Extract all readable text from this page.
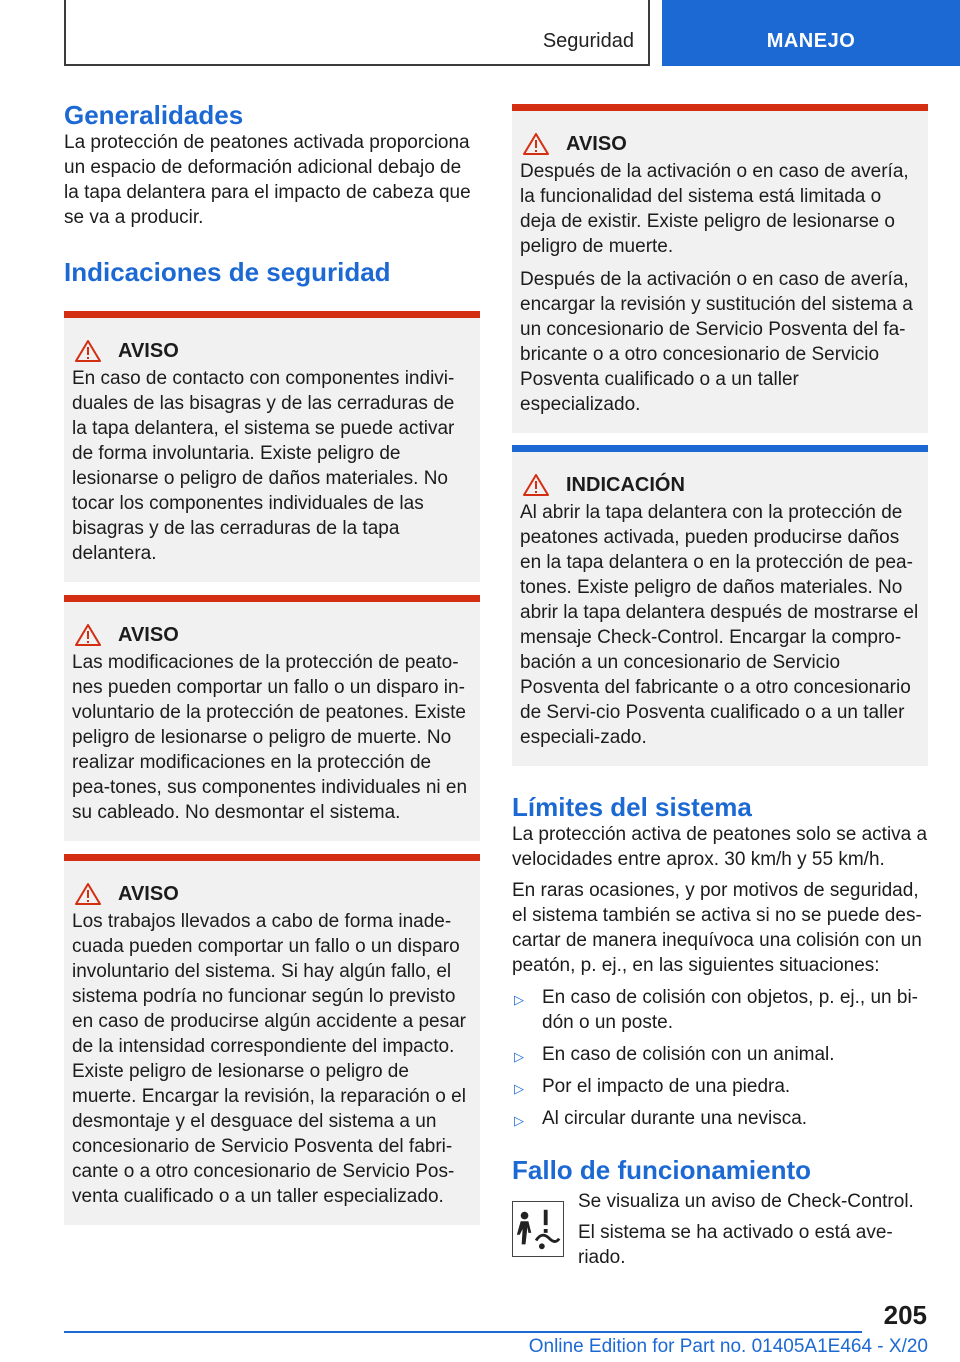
Seguridad	MANEJO
Generalidades

La protección de peatones activada proporciona un espacio de deformación adicional debajo de la tapa delantera para el impacto de cabeza que se va a producir.

Indicaciones de seguridad
AVISO

En caso de contacto con componentes indivi-duales de las bisagras y de las cerraduras de la tapa delantera, el sistema se puede activar de forma involuntaria. Existe peligro de lesionarse o peligro de daños materiales. No tocar los componentes individuales de las bisagras y de las cerraduras de la tapa delantera.

AVISO

Las modificaciones de la protección de peato-nes pueden comportar un fallo o un disparo in-voluntario de la protección de peatones. Existe peligro de lesionarse o peligro de muerte. No realizar modificaciones en la protección de pea-tones, sus componentes individuales ni en su cableado. No desmontar el sistema.

AVISO

Los trabajos llevados a cabo de forma inade-cuada pueden comportar un fallo o un disparo involuntario del sistema. Si hay algún fallo, el sistema podría no funcionar según lo previsto en caso de producirse algún accidente a pesar de la intensidad correspondiente del impacto. Existe peligro de lesionarse o peligro de muerte. Encargar la revisión, la reparación o el desmontaje y el desguace del sistema a un concesionario de Servicio Posventa del fabri-cante o a otro concesionario de Servicio Pos-venta cualificado o a un taller especializado.

AVISO

Después de la activación o en caso de avería, la funcionalidad del sistema está limitada o deja de existir. Existe peligro de lesionarse o peligro de muerte.

Después de la activación o en caso de avería, encargar la revisión y sustitución del sistema a un concesionario de Servicio Posventa del fa-bricante o a otro concesionario de Servicio Posventa cualificado o a un taller especializado.

INDICACIÓN

Al abrir la tapa delantera con la protección de peatones activada, pueden producirse daños en la tapa delantera o en la protección de pea-tones. Existe peligro de daños materiales. No abrir la tapa delantera después de mostrarse el mensaje Check-Control. Encargar la compro-bación a un concesionario de Servicio Posventa del fabricante o a otro concesionario de Servi-cio Posventa cualificado o a un taller especiali-zado.

Límites del sistema

La protección activa de peatones solo se activa a velocidades entre aprox. 30 km/h y 55 km/h.

En raras ocasiones, y por motivos de seguridad, el sistema también se activa si no se puede des-cartar de manera inequívoca una colisión con un peatón, p. ej., en las siguientes situaciones:

▷ En caso de colisión con objetos, p. ej., un bi-dón o un poste.
▷ En caso de colisión con un animal.
▷ Por el impacto de una piedra.
▷ Al circular durante una nevisca.
Fallo de funcionamiento

Se visualiza un aviso de Check-Control.

El sistema se ha activado o está ave-riado.

205
Online Edition for Part no. 01405A1E464 - X/20
